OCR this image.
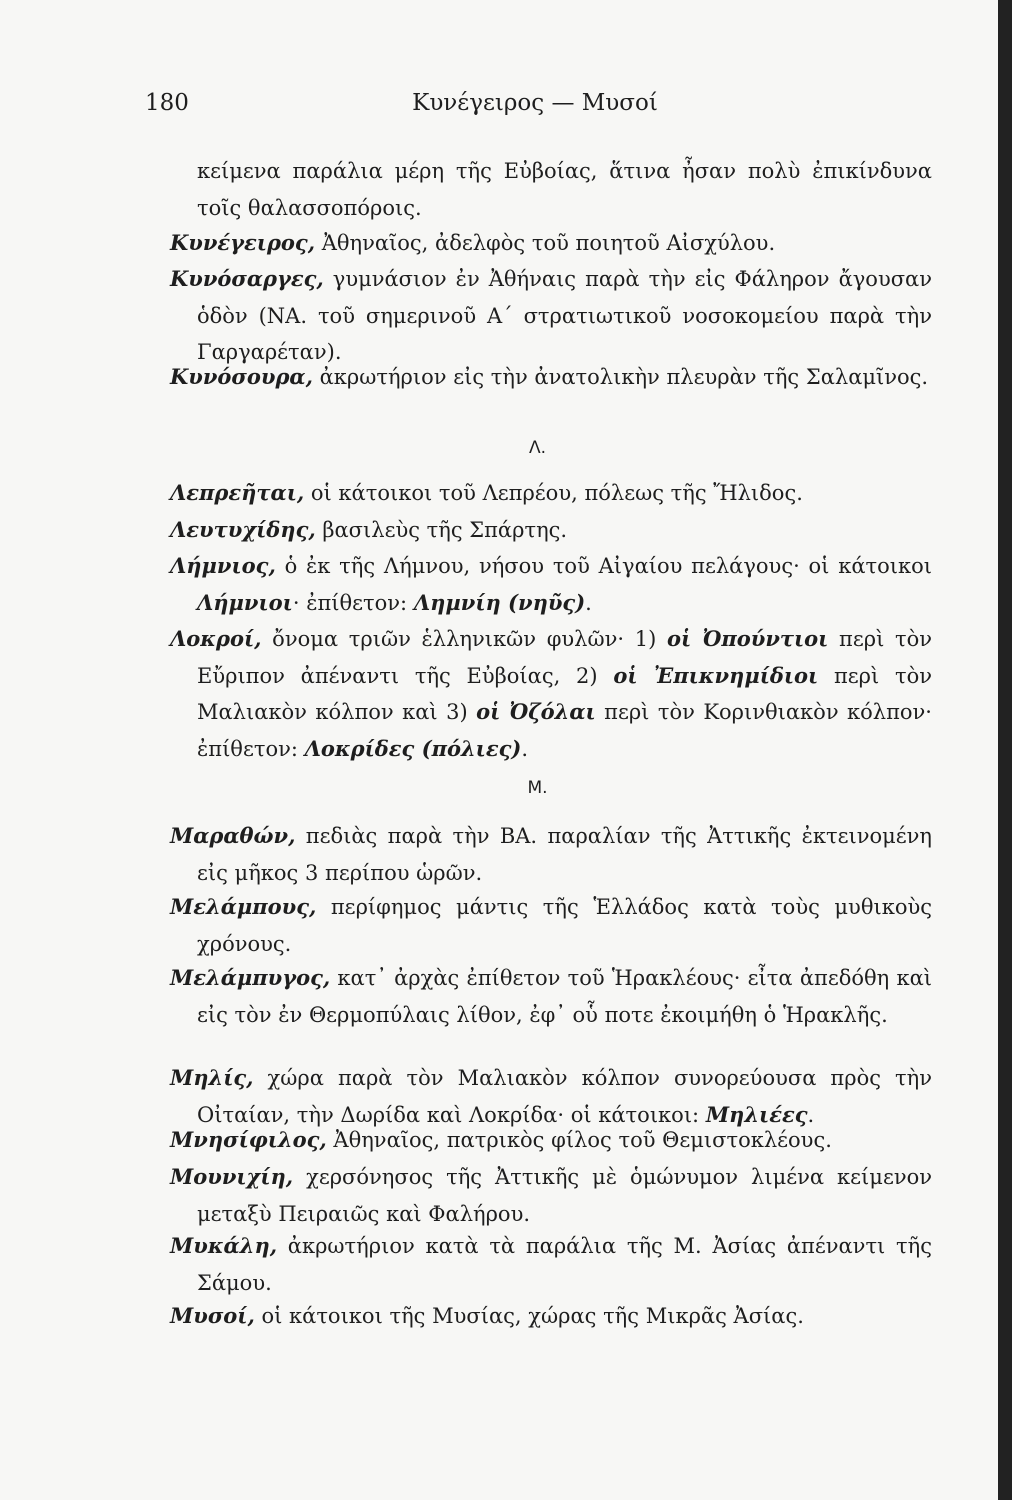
180	Κυνέγειρος — Μυσοί
κείμενα παράλια μέρη τῆς Εὐβοίας, ἅτινα ἦσαν πολὺ ἐπικίνδυνα τοῖς θαλασσοπόροις.
Κυνέγειρος, Ἀθηναῖος, ἀδελφὸς τοῦ ποιητοῦ Αἰσχύλου.
Κυνόσαργες, γυμνάσιον ἐν Ἀθήναις παρὰ τὴν εἰς Φάληρον ἄγουσαν ὁδὸν (ΝΑ. τοῦ σημερινοῦ Α΄ στρατιωτικοῦ νοσοκομείου παρὰ τὴν Γαργαρέταν).
Κυνόσουρα, ἀκρωτήριον εἰς τὴν ἀνατολικὴν πλευρὰν τῆς Σαλαμῖνος.
Λ.
Λεπρεῆται, οἱ κάτοικοι τοῦ Λεπρέου, πόλεως τῆς Ἤλιδος.
Λευτυχίδης, βασιλεὺς τῆς Σπάρτης.
Λήμνιος, ὁ ἐκ τῆς Λήμνου, νήσου τοῦ Αἰγαίου πελάγους· οἱ κάτοικοι Λήμνιοι· ἐπίθετον: Ληµνίη (νηῦς).
Λοκροί, ὄνομα τριῶν ἑλληνικῶν φυλῶν· 1) οἱ Ὀπούντιοι περὶ τὸν Εὔριπον ἀπέναντι τῆς Εὐβοίας, 2) οἱ Ἐπικνημίδιοι περὶ τὸν Μαλιακὸν κόλπον καὶ 3) οἱ Ὀζόλαι περὶ τὸν Κορινθιακὸν κόλπον· ἐπίθετον: Λοκρίδες (πόλιες).
Μ.
Μαραθών, πεδιὰς παρὰ τὴν ΒΑ. παραλίαν τῆς Ἀττικῆς ἐκτεινομένη εἰς μῆκος 3 περίπου ὡρῶν.
Μελάμπους, περίφημος μάντις τῆς Ἑλλάδος κατὰ τοὺς μυθικοὺς χρόνους.
Μελάμπυγος, κατ᾿ ἀρχὰς ἐπίθετον τοῦ Ἡρακλέους· εἶτα ἀπεδόθη καὶ εἰς τὸν ἐν Θερμοπύλαις λίθον, ἐφ᾿ οὗ ποτε ἐκοιμήθη ὁ Ἡρακλῆς.
Μηλίς, χώρα παρὰ τὸν Μαλιακὸν κόλπον συνορεύουσα πρὸς τὴν Οἰταίαν, τὴν Δωρίδα καὶ Λοκρίδα· οἱ κάτοικοι: Μηλιέες.
Μνησίφιλος, Ἀθηναῖος, πατρικὸς φίλος τοῦ Θεμιστοκλέους.
Μουνιχίη, χερσόνησος τῆς Ἀττικῆς μὲ ὁμώνυμον λιμένα κείμενον μεταξὺ Πειραιῶς καὶ Φαλήρου.
Μυκάλη, ἀκρωτήριον κατὰ τὰ παράλια τῆς Μ. Ἀσίας ἀπέναντι τῆς Σάμου.
Μυσοί, οἱ κάτοικοι τῆς Μυσίας, χώρας τῆς Μικρᾶς Ἀσίας.
